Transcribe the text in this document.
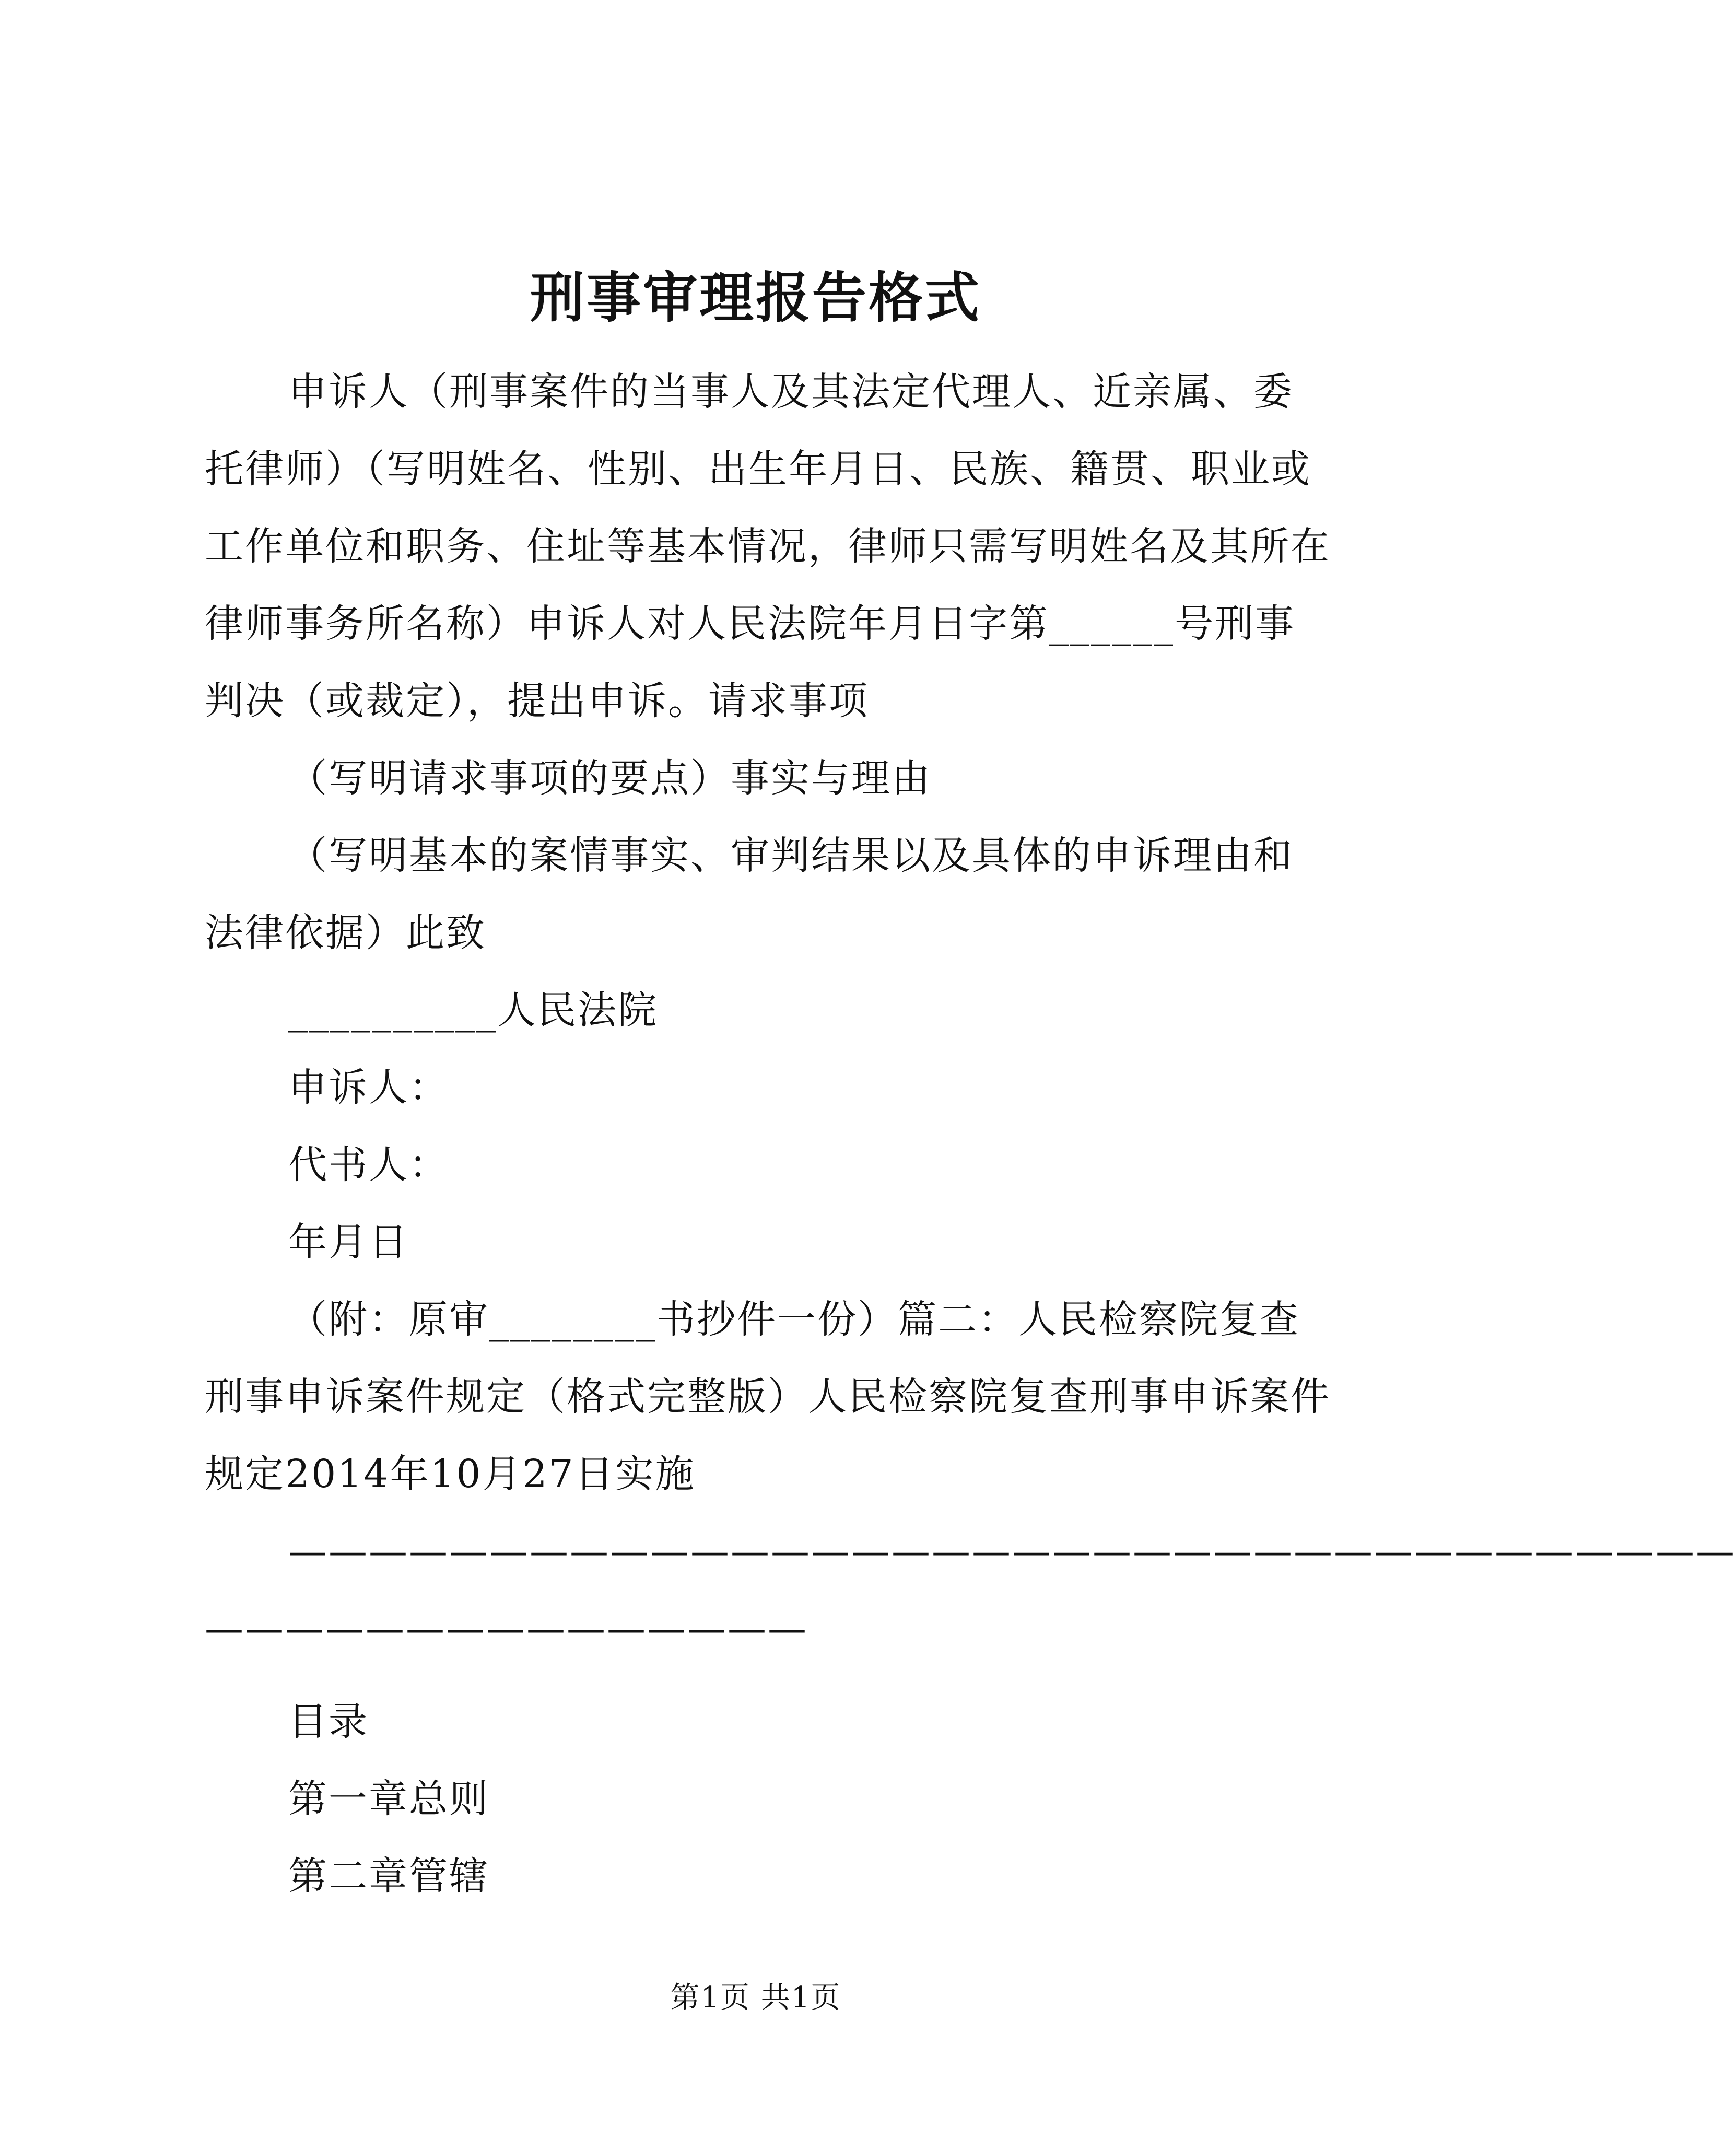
刑事审理报告格式

申诉人（刑事案件的当事人及其法定代理人、近亲属、委托律师）（写明姓名、性别、出生年月日、民族、籍贯、职业或工作单位和职务、住址等基本情况，律师只需写明姓名及其所在律师事务所名称）申诉人对人民法院年月日字第______号刑事判决（或裁定），提出申诉。请求事项

（写明请求事项的要点）事实与理由

（写明基本的案情事实、审判结果以及具体的申诉理由和法律依据）此致

__________人民法院

申诉人：

代书人：

年月日

（附：原审________书抄件一份）篇二：人民检察院复查刑事申诉案件规定（格式完整版）人民检察院复查刑事申诉案件规定2014年10月27日实施

————————————————————————————————————

———————————————

目录

第一章总则

第二章管辖

第1页 共1页
